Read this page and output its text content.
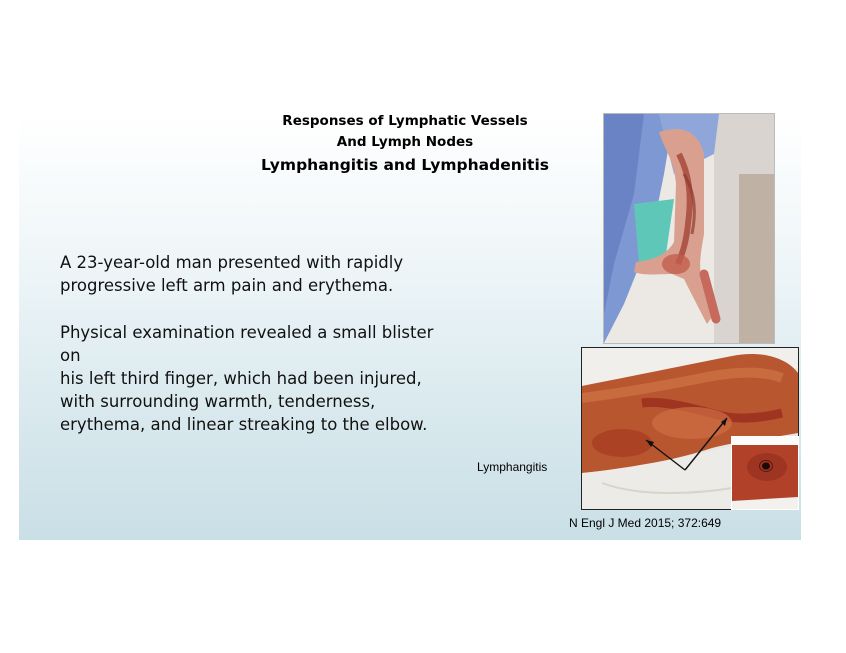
Responses of Lymphatic Vessels
And Lymph Nodes
Lymphangitis and Lymphadenitis
A 23-year-old man presented with rapidly
progressive left arm pain and erythema.
Physical examination revealed a small blister on
his left third finger, which had been injured,
with surrounding warmth, tenderness,
erythema, and linear streaking to the elbow.
Lymphangitis
N Engl J Med 2015; 372:649
